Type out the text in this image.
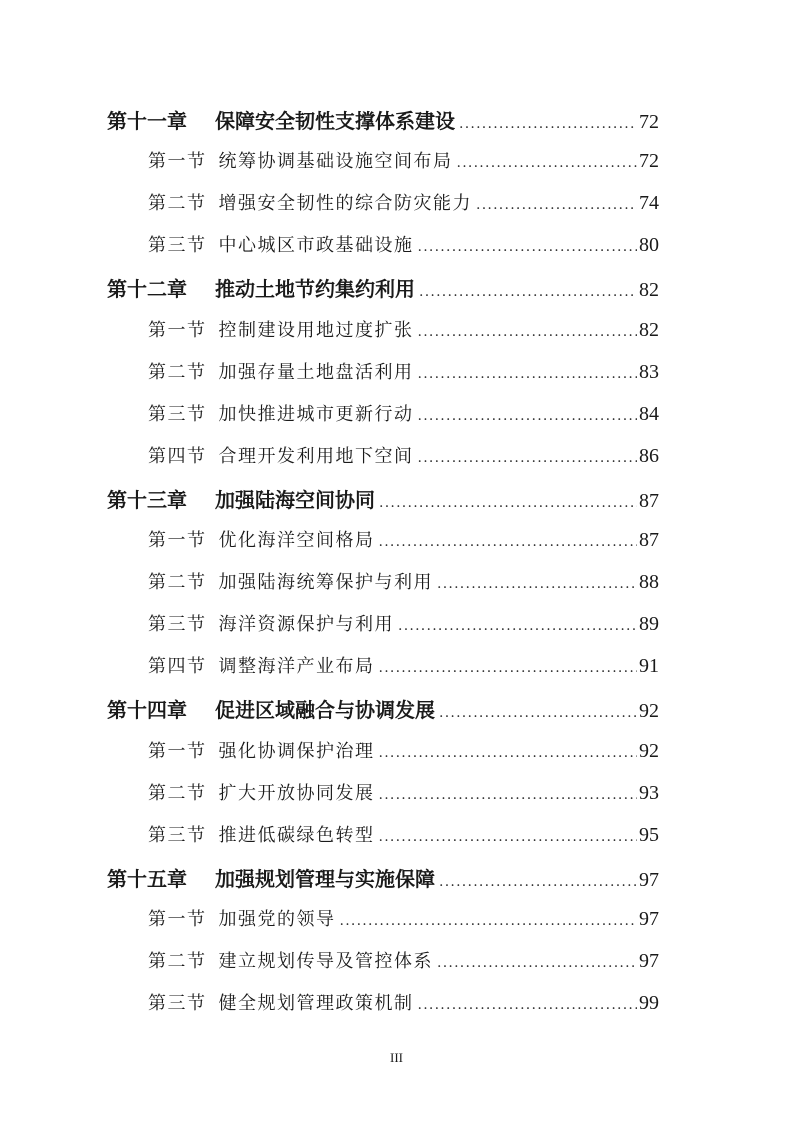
第十一章 保障安全韧性支撑体系建设 . . .	72
第一节 统筹协调基础设施空间布局 . . .	72
第二节 增强安全韧性的综合防灾能力 . . .	74
第三节 中心城区市政基础设施 . . .	80
第十二章 推动土地节约集约利用 . . .	82
第一节 控制建设用地过度扩张 . . .	82
第二节 加强存量土地盘活利用 . . .	83
第三节 加快推进城市更新行动 . . .	84
第四节 合理开发利用地下空间 . . .	86
第十三章 加强陆海空间协同 . . .	87
第一节 优化海洋空间格局 . . .	87
第二节 加强陆海统筹保护与利用 . . .	88
第三节 海洋资源保护与利用 . . .	89
第四节 调整海洋产业布局 . . .	91
第十四章 促进区域融合与协调发展 . . .	92
第一节 强化协调保护治理 . . .	92
第二节 扩大开放协同发展 . . .	93
第三节 推进低碳绿色转型 . . .	95
第十五章 加强规划管理与实施保障 . . .	97
第一节 加强党的领导 . . .	97
第二节 建立规划传导及管控体系 . . .	97
第三节 健全规划管理政策机制 . . .	99
III
